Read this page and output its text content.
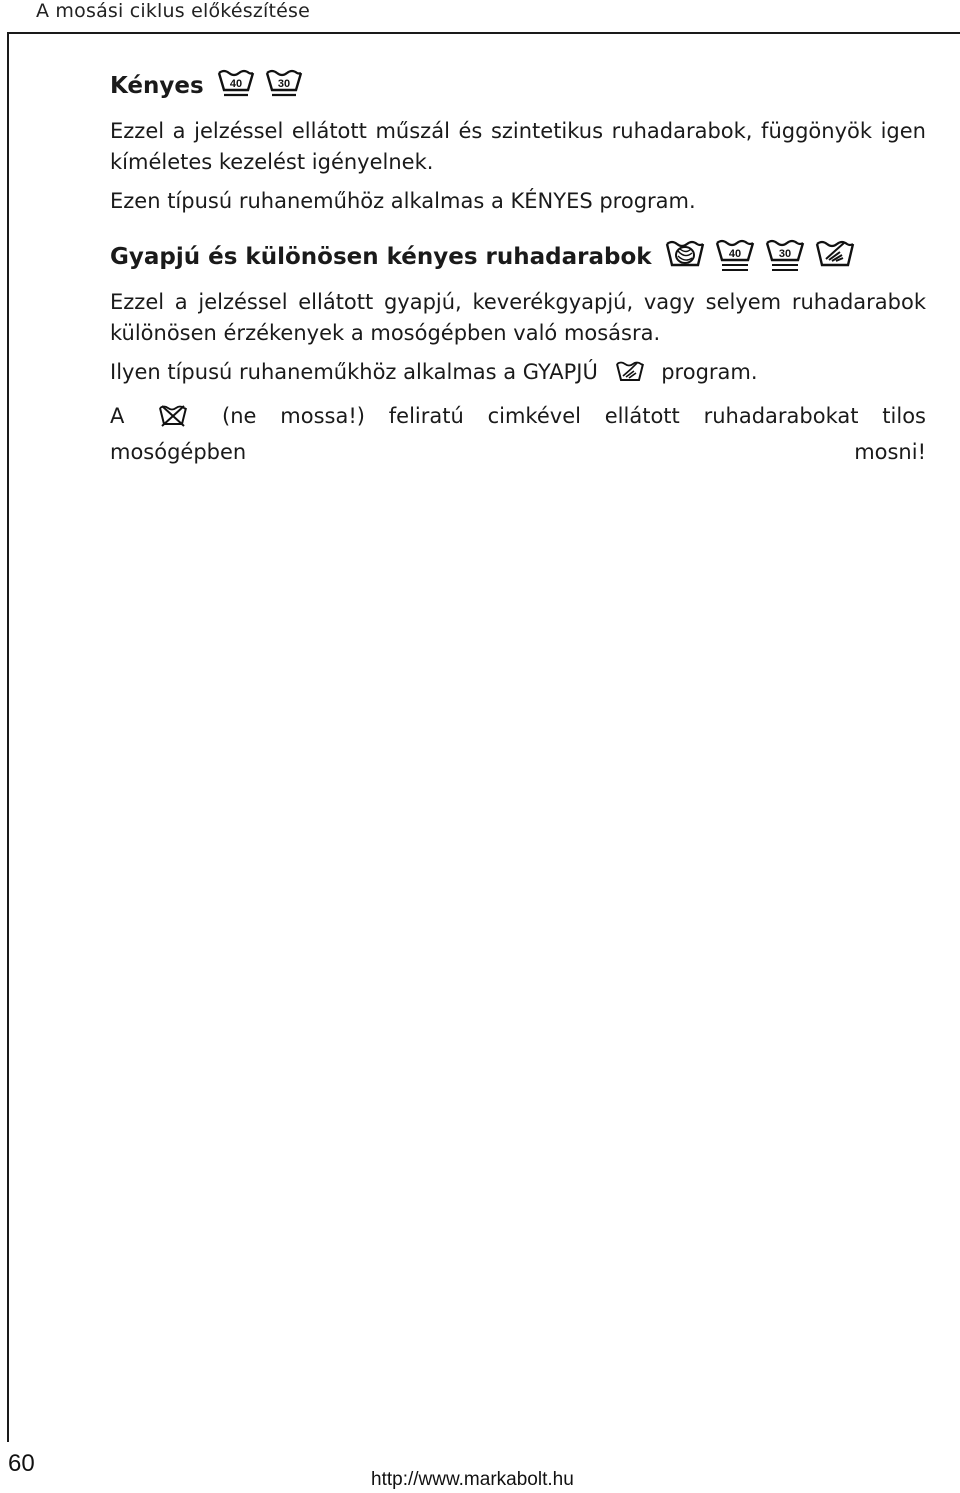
A mosási ciklus előkészítése
Kényes 40	30

Ezzel a jelzéssel ellátott műszál és szintetikus ruhadarabok, függönyök igen kíméletes kezelést igényelnek.

Ezen típusú ruhaneműhöz alkalmas a KÉNYES program.

Gyapjú és különösen kényes ruhadarabok	40	30

Ezzel a jelzéssel ellátott gyapjú, keverékgyapjú, vagy selyem ruhadarabok különösen érzékenyek a mosógépben való mosásra.

Ilyen típusú ruhaneműkhöz alkalmas a GYAPJÚ	program.

A	(ne mossa!) feliratú cimkével ellátott ruhadarabokat tilos mosógépben mosni!

60
http://www.markabolt.hu
